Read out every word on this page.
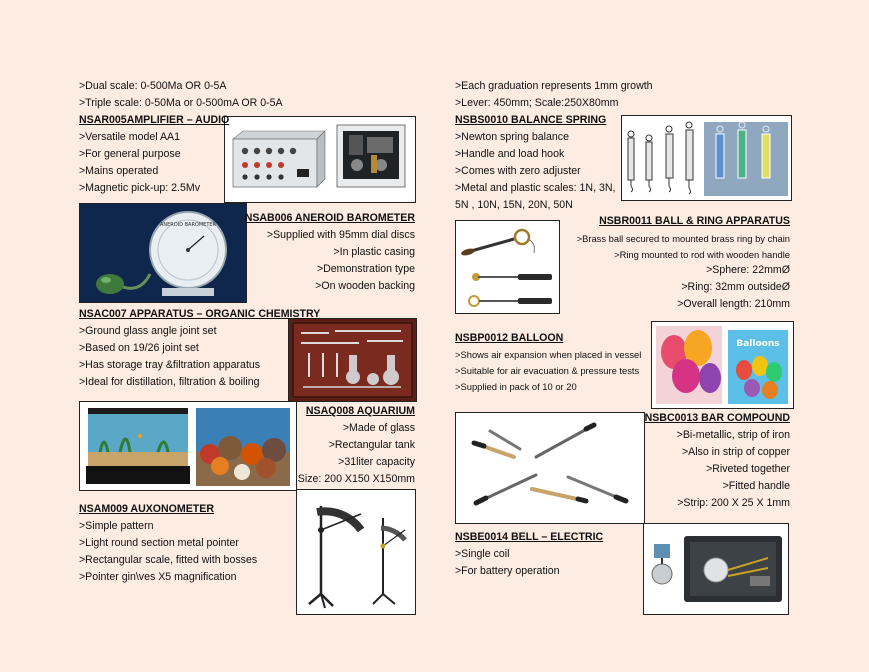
>Dual scale: 0-500Ma OR 0-5A
>Triple scale: 0-50Ma or 0-500mA OR 0-5A
NSAR005AMPLIFIER – AUDIO
>Versatile model AA1
>For general purpose
>Mains operated
>Magnetic pick-up: 2.5Mv
ANEROID BAROMETER
NSAB006 ANEROID BAROMETER
>Supplied with 95mm dial discs
>In plastic casing
>Demonstration type
>On wooden backing
NSAC007 APPARATUS – ORGANIC CHEMISTRY
>Ground glass angle joint set
>Based on 19/26 joint set
>Has storage tray &filtration apparatus
>Ideal for distillation, filtration & boiling
NSAQ008 AQUARIUM
>Made of glass
>Rectangular tank
>31liter capacity
Size: 200 X150 X150mm
NSAM009 AUXONOMETER
>Simple pattern
>Light round section metal pointer
>Rectangular scale, fitted with bosses
>Pointer gin\ves X5 magnification
>Each graduation represents 1mm growth
>Lever: 450mm; Scale:250X80mm
NSBS0010 BALANCE SPRING
>Newton spring balance
>Handle and load hook
>Comes with zero adjuster
>Metal and plastic scales: 1N, 3N,
5N , 10N, 15N, 20N, 50N
NSBR0011 BALL & RING APPARATUS
>Brass ball secured to mounted brass ring by chain
>Ring mounted to rod with wooden handle
>Sphere: 22mmØ
>Ring: 32mm outsideØ
>Overall length: 210mm
Balloons
NSBP0012 BALLOON
>Shows air expansion when placed in vessel
>Suitable for air evacuation & pressure tests
>Supplied in pack of 10 or 20
NSBC0013 BAR COMPOUND
>Bi-metallic, strip of iron
>Also in strip of copper
>Riveted together
>Fitted handle
>Strip: 200 X 25 X 1mm
NSBE0014 BELL – ELECTRIC
>Single coil
>For battery operation
